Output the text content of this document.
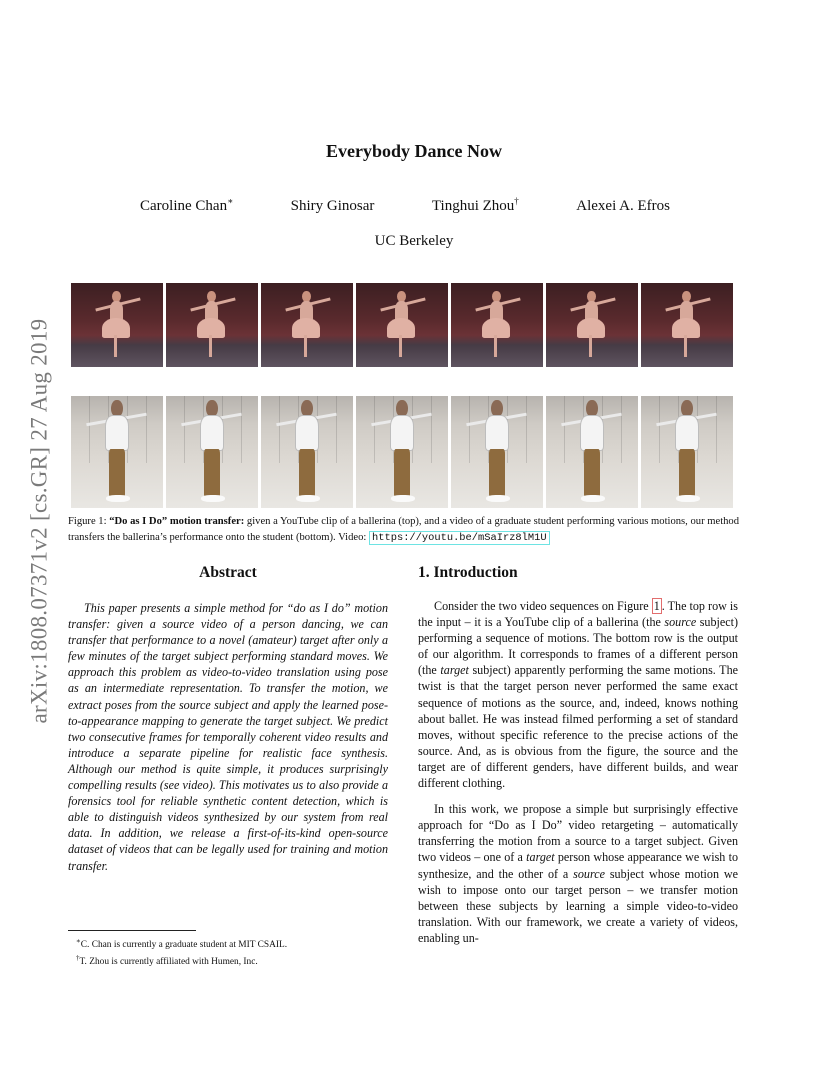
arXiv:1808.07371v2 [cs.GR] 27 Aug 2019
Everybody Dance Now
Caroline Chan∗	Shiry Ginosar	Tinghui Zhou†	Alexei A. Efros
UC Berkeley
Figure 1: “Do as I Do” motion transfer: given a YouTube clip of a ballerina (top), and a video of a graduate student performing various motions, our method transfers the ballerina’s performance onto the student (bottom). Video: https://youtu.be/mSaIrz8lM1U
Abstract	1. Introduction
This paper presents a simple method for “do as I do” motion transfer: given a source video of a person dancing, we can transfer that performance to a novel (amateur) target after only a few minutes of the target subject performing standard moves. We approach this problem as video-to-video translation using pose as an intermediate representation. To transfer the motion, we extract poses from the source subject and apply the learned pose-to-appearance mapping to generate the target subject. We predict two consecutive frames for temporally coherent video results and introduce a separate pipeline for realistic face synthesis. Although our method is quite simple, it produces surprisingly compelling results (see video). This motivates us to also provide a forensics tool for reliable synthetic content detection, which is able to distinguish videos synthesized by our system from real data. In addition, we release a first-of-its-kind open-source dataset of videos that can be legally used for training and motion transfer.

Consider the two video sequences on Figure 1 . The top row is the input – it is a YouTube clip of a ballerina (the source subject) performing a sequence of motions. The bottom row is the output of our algorithm. It corresponds to frames of a different person (the target subject) apparently performing the same motions. The twist is that the target person never performed the same exact sequence of motions as the source, and, indeed, knows nothing about ballet. He was instead filmed performing a set of standard moves, without specific reference to the precise actions of the source. And, as is obvious from the figure, the source and the target are of different genders, have different builds, and wear different clothing.

In this work, we propose a simple but surprisingly effective approach for “Do as I Do” video retargeting – automatically transferring the motion from a source to a target subject. Given two videos – one of a target person whose appearance we wish to synthesize, and the other of a source subject whose motion we wish to impose onto our target person – we transfer motion between these subjects by learning a simple video-to-video translation. With our framework, we create a variety of videos, enabling un-

∗C. Chan is currently a graduate student at MIT CSAIL.
†T. Zhou is currently affiliated with Humen, Inc.
